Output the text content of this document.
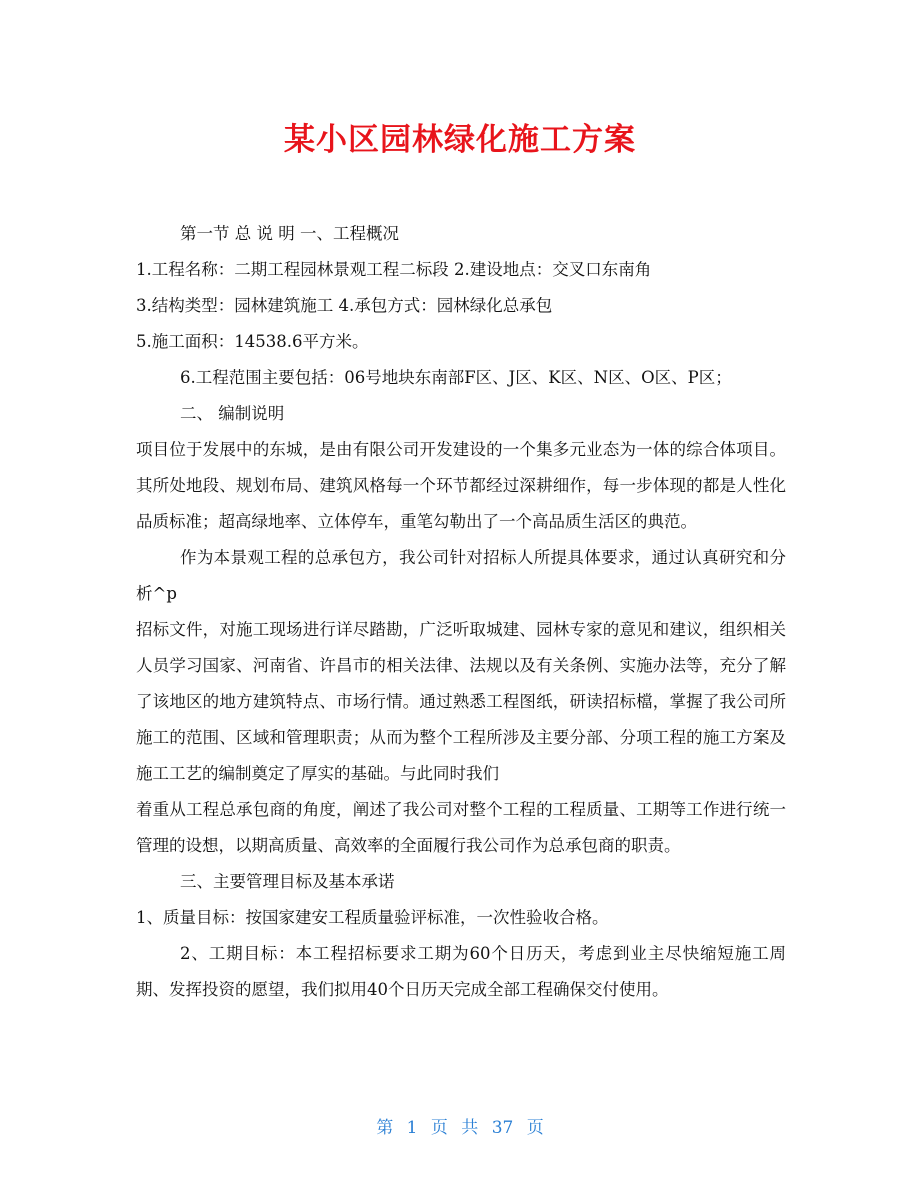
某小区园林绿化施工方案

第一节 总 说 明 一、工程概况

1.工程名称：二期工程园林景观工程二标段 2.建设地点：交叉口东南角

3.结构类型：园林建筑施工 4.承包方式：园林绿化总承包

5.施工面积：14538.6平方米。

6.工程范围主要包括：06号地块东南部F区、J区、K区、N区、O区、P区；

二、 编制说明

项目位于发展中的东城，是由有限公司开发建设的一个集多元业态为一体的综合体项目。其所处地段、规划布局、建筑风格每一个环节都经过深耕细作，每一步体现的都是人性化品质标准；超高绿地率、立体停车，重笔勾勒出了一个高品质生活区的典范。

作为本景观工程的总承包方，我公司针对招标人所提具体要求，通过认真研究和分析^p

招标文件，对施工现场进行详尽踏勘，广泛听取城建、园林专家的意见和建议，组织相关人员学习国家、河南省、许昌市的相关法律、法规以及有关条例、实施办法等，充分了解了该地区的地方建筑特点、市场行情。通过熟悉工程图纸，研读招标檔，掌握了我公司所施工的范围、区域和管理职责；从而为整个工程所涉及主要分部、分项工程的施工方案及施工工艺的编制奠定了厚实的基础。与此同时我们

着重从工程总承包商的角度，阐述了我公司对整个工程的工程质量、工期等工作进行统一管理的设想，以期高质量、高效率的全面履行我公司作为总承包商的职责。

三、主要管理目标及基本承诺

1、质量目标：按国家建安工程质量验评标准，一次性验收合格。

2、工期目标：本工程招标要求工期为60个日历天，考虑到业主尽快缩短施工周期、发挥投资的愿望，我们拟用40个日历天完成全部工程确保交付使用。

第 1 页 共 37 页
